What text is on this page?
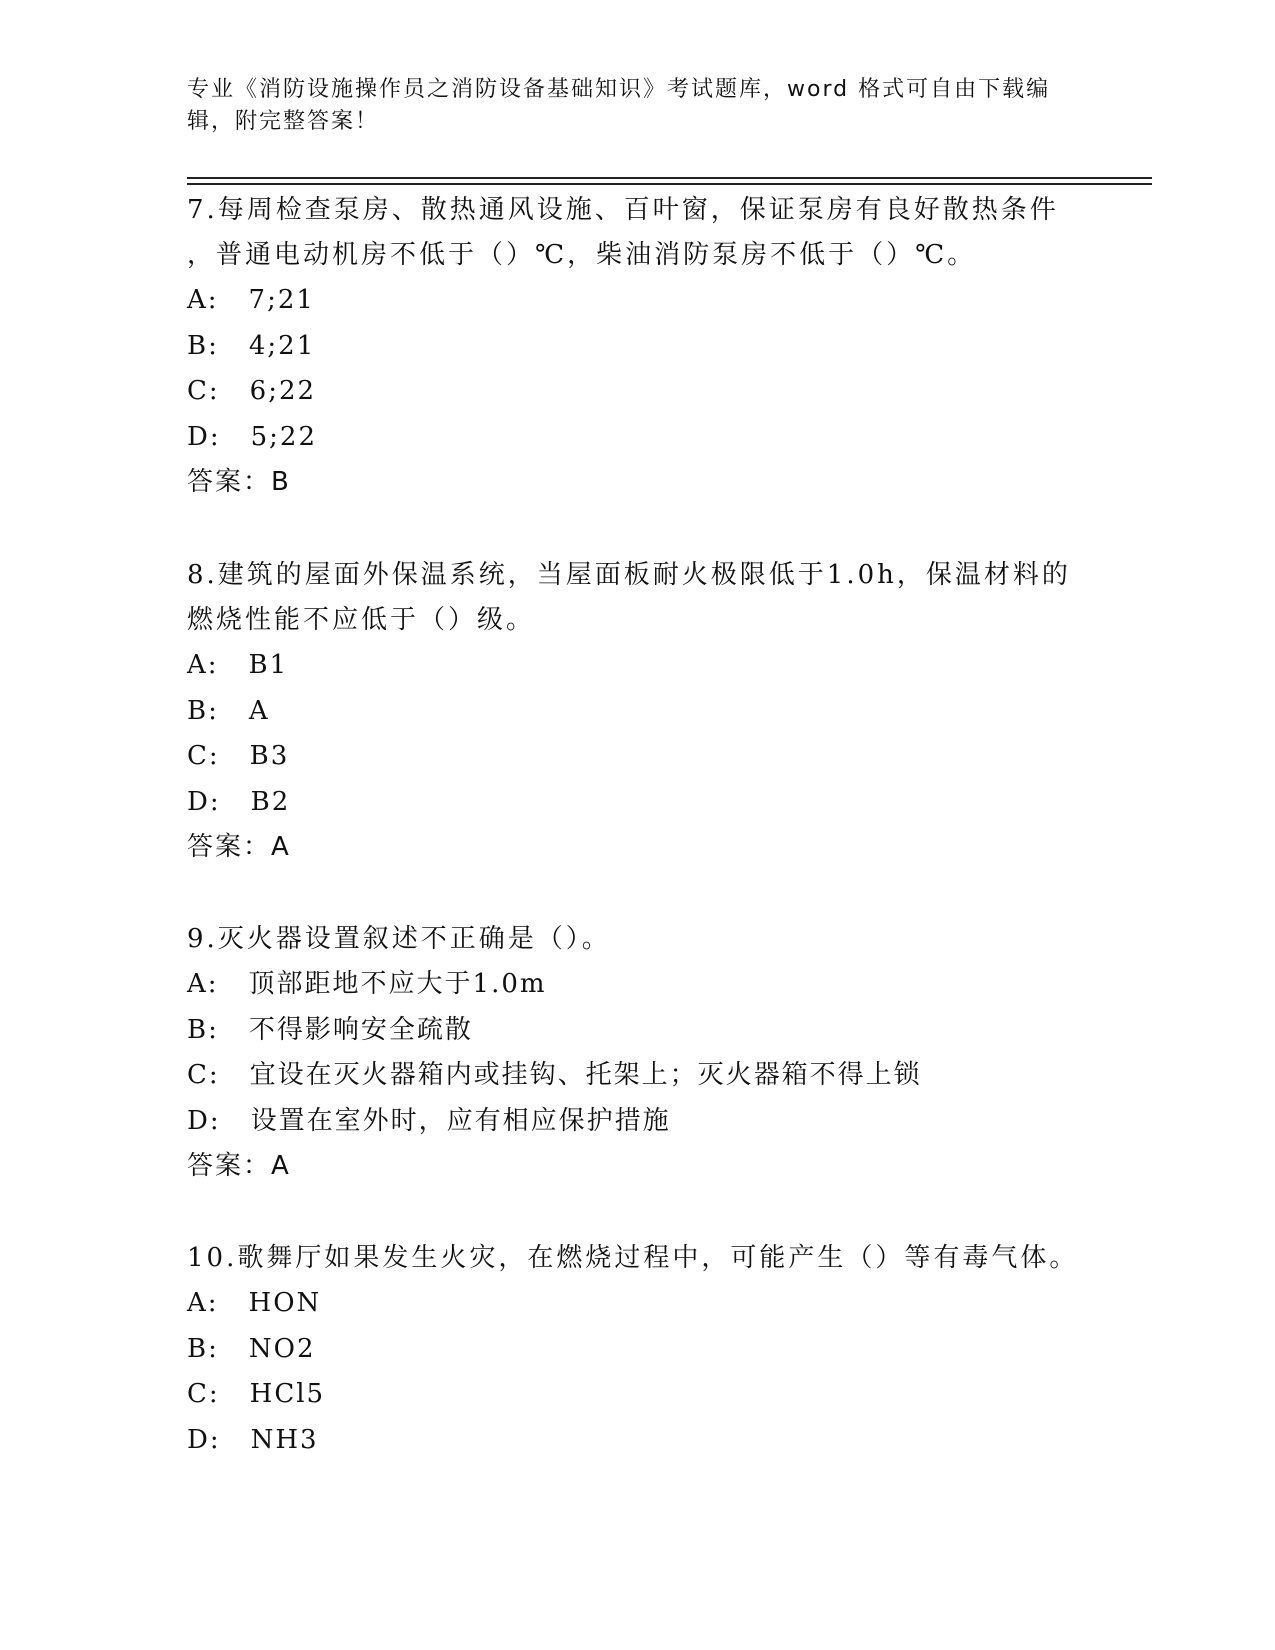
专业《消防设施操作员之消防设备基础知识》考试题库，word 格式可自由下载编
辑，附完整答案！
7.每周检查泵房、散热通风设施、百叶窗，保证泵房有良好散热条件
，普通电动机房不低于（）℃，柴油消防泵房不低于（）℃。
A: 7;21
B: 4;21
C: 6;22
D: 5;22
答案：B
8.建筑的屋面外保温系统，当屋面板耐火极限低于1.0h，保温材料的
燃烧性能不应低于（）级。
A: B1
B: A
C: B3
D: B2
答案：A
9.灭火器设置叙述不正确是（）。
A: 顶部距地不应大于1.0m
B: 不得影响安全疏散
C: 宜设在灭火器箱内或挂钩、托架上；灭火器箱不得上锁
D: 设置在室外时，应有相应保护措施
答案：A
10.歌舞厅如果发生火灾，在燃烧过程中，可能产生（）等有毒气体。
A: HON
B: NO2
C: HCl5
D: NH3
